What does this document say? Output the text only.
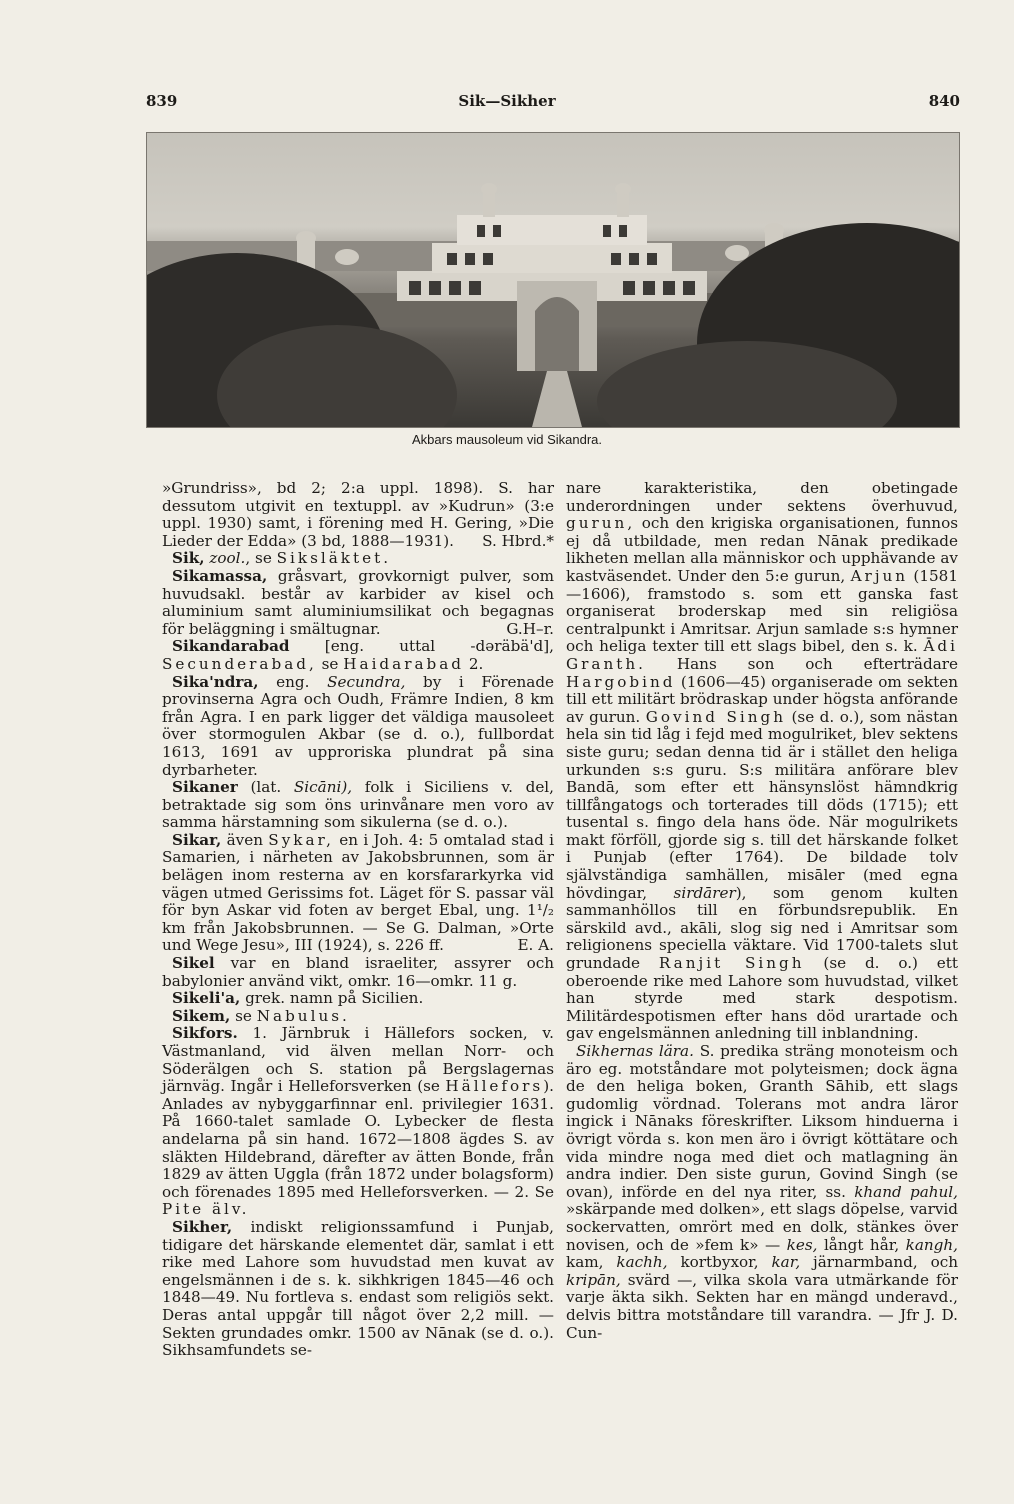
839	Sik—Sikher	840
Akbars mausoleum vid Sikandra.

»Grundriss», bd 2; 2:a uppl. 1898). S. har dessutom utgivit en textuppl. av »Kudrun» (3:e uppl. 1930) samt, i förening med H. Gering, »Die Lieder der Edda» (3 bd, 1888—1931). S. Hbrd.*

Sik, zool., se Siksläktet.

Sikamassa, gråsvart, grovkornigt pulver, som huvudsakl. består av karbider av kisel och aluminium samt aluminiumsilikat och begagnas för beläggning i smältugnar.	G.H–r.

Sikandarabad [eng. uttal -dəräbä'd], Secunderabad, se Haidarabad 2.

Sika'ndra, eng. Secundra, by i Förenade provinserna Agra och Oudh, Främre Indien, 8 km från Agra. I en park ligger det väldiga mausoleet över stormogulen Akbar (se d. o.), fullbordat 1613, 1691 av upproriska plundrat på sina dyrbarheter.

Sikaner (lat. Sicāni), folk i Siciliens v. del, betraktade sig som öns urinvånare men voro av samma härstamning som sikulerna (se d. o.).

Sikar, även Sykar, en i Joh. 4: 5 omtalad stad i Samarien, i närheten av Jakobsbrunnen, som är belägen inom resterna av en korsfararkyrka vid vägen utmed Gerissims fot. Läget för S. passar väl för byn Askar vid foten av berget Ebal, ung. 1¹/₂ km från Jakobsbrunnen. — Se G. Dalman, »Orte und Wege Jesu», III (1924), s. 226 ff.	E. A.

Sikel var en bland israeliter, assyrer och babylonier använd vikt, omkr. 16—omkr. 11 g.

Sikeli'a, grek. namn på Sicilien.

Sikem, se Nabulus.

Sikfors. 1. Järnbruk i Hällefors socken, v. Västmanland, vid älven mellan Norr- och Söderälgen och S. station på Bergslagernas järnväg. Ingår i Helleforsverken (se Hällefors). Anlades av nybyggarfinnar enl. privilegier 1631. På 1660-talet samlade O. Lybecker de flesta andelarna på sin hand. 1672—1808 ägdes S. av släkten Hildebrand, därefter av ätten Bonde, från 1829 av ätten Uggla (från 1872 under bolagsform) och förenades 1895 med Helleforsverken. — 2. Se Pite älv.

Sikher, indiskt religionssamfund i Punjab, tidigare det härskande elementet där, samlat i ett rike med Lahore som huvudstad men kuvat av engelsmännen i de s. k. sikhkrigen 1845—46 och 1848—49. Nu fortleva s. endast som religiös sekt. Deras antal uppgår till något över 2,2 mill. — Sekten grundades omkr. 1500 av Nānak (se d. o.). Sikhsamfundets se-

nare karakteristika, den obetingade underordningen under sektens överhuvud, gurun, och den krigiska organisationen, funnos ej då utbildade, men redan Nānak predikade likheten mellan alla människor och upphävande av kastväsendet. Under den 5:e gurun, Arjun (1581—1606), framstodo s. som ett ganska fast organiserat broderskap med sin religiösa centralpunkt i Amritsar. Arjun samlade s:s hymner och heliga texter till ett slags bibel, den s. k. Ādi Granth. Hans son och efterträdare Hargobind (1606—45) organiserade om sekten till ett militärt brödraskap under högsta anförande av gurun. Govind Singh (se d. o.), som nästan hela sin tid låg i fejd med mogulriket, blev sektens siste guru; sedan denna tid är i stället den heliga urkunden s:s guru. S:s militära anförare blev Bandā, som efter ett hänsynslöst hämndkrig tillfångatogs och torterades till döds (1715); ett tusental s. fingo dela hans öde. När mogulrikets makt förföll, gjorde sig s. till det härskande folket i Punjab (efter 1764). De bildade tolv självständiga samhällen, misāler (med egna hövdingar, sirdārer), som genom kulten sammanhöllos till en förbundsrepublik. En särskild avd., akāli, slog sig ned i Amritsar som religionens speciella väktare. Vid 1700-talets slut grundade Ranjit Singh (se d. o.) ett oberoende rike med Lahore som huvudstad, vilket han styrde med stark despotism. Militärdespotismen efter hans död urartade och gav engelsmännen anledning till inblandning.

Sikhernas lära. S. predika sträng monoteism och äro eg. motståndare mot polyteismen; dock ägna de den heliga boken, Granth Sāhib, ett slags gudomlig vördnad. Tolerans mot andra läror ingick i Nānaks föreskrifter. Liksom hinduerna i övrigt vörda s. kon men äro i övrigt köttätare och vida mindre noga med diet och matlagning än andra indier. Den siste gurun, Govind Singh (se ovan), införde en del nya riter, ss. khand pahul, »skärpande med dolken», ett slags döpelse, varvid sockervatten, omrört med en dolk, stänkes över novisen, och de »fem k» — kes, långt hår, kangh, kam, kachh, kortbyxor, kar, järnarmband, och kripān, svärd —, vilka skola vara utmärkande för varje äkta sikh. Sekten har en mängd underavd., delvis bittra motståndare till varandra. — Jfr J. D. Cun-
